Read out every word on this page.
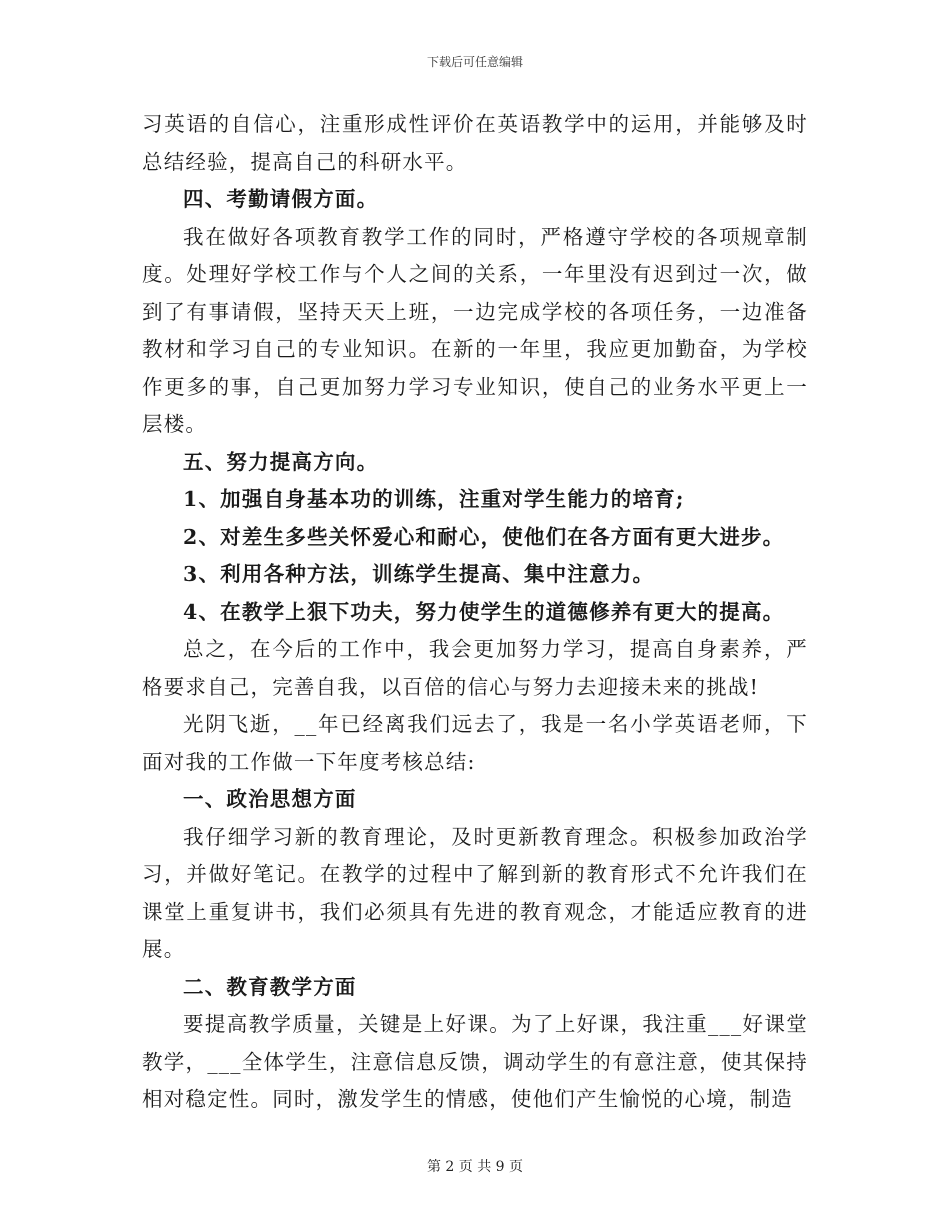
下载后可任意编辑

习英语的自信心，注重形成性评价在英语教学中的运用，并能够及时总结经验，提高自己的科研水平。

四、考勤请假方面。

我在做好各项教育教学工作的同时，严格遵守学校的各项规章制度。处理好学校工作与个人之间的关系，一年里没有迟到过一次，做到了有事请假，坚持天天上班，一边完成学校的各项任务，一边准备教材和学习自己的专业知识。在新的一年里，我应更加勤奋，为学校作更多的事，自己更加努力学习专业知识，使自己的业务水平更上一层楼。

五、努力提高方向。

1、加强自身基本功的训练，注重对学生能力的培育;

2、对差生多些关怀爱心和耐心，使他们在各方面有更大进步。

3、利用各种方法，训练学生提高、集中注意力。

4、在教学上狠下功夫，努力使学生的道德修养有更大的提高。

总之，在今后的工作中，我会更加努力学习，提高自身素养，严格要求自己，完善自我，以百倍的信心与努力去迎接未来的挑战!

光阴飞逝，__年已经离我们远去了，我是一名小学英语老师，下面对我的工作做一下年度考核总结:

一、政治思想方面

我仔细学习新的教育理论，及时更新教育理念。积极参加政治学习，并做好笔记。在教学的过程中了解到新的教育形式不允许我们在课堂上重复讲书，我们必须具有先进的教育观念，才能适应教育的进展。

二、教育教学方面

要提高教学质量，关键是上好课。为了上好课，我注重___好课堂教学，___全体学生，注意信息反馈，调动学生的有意注意，使其保持相对稳定性。同时，激发学生的情感，使他们产生愉悦的心境，制造

第 2 页 共 9 页
